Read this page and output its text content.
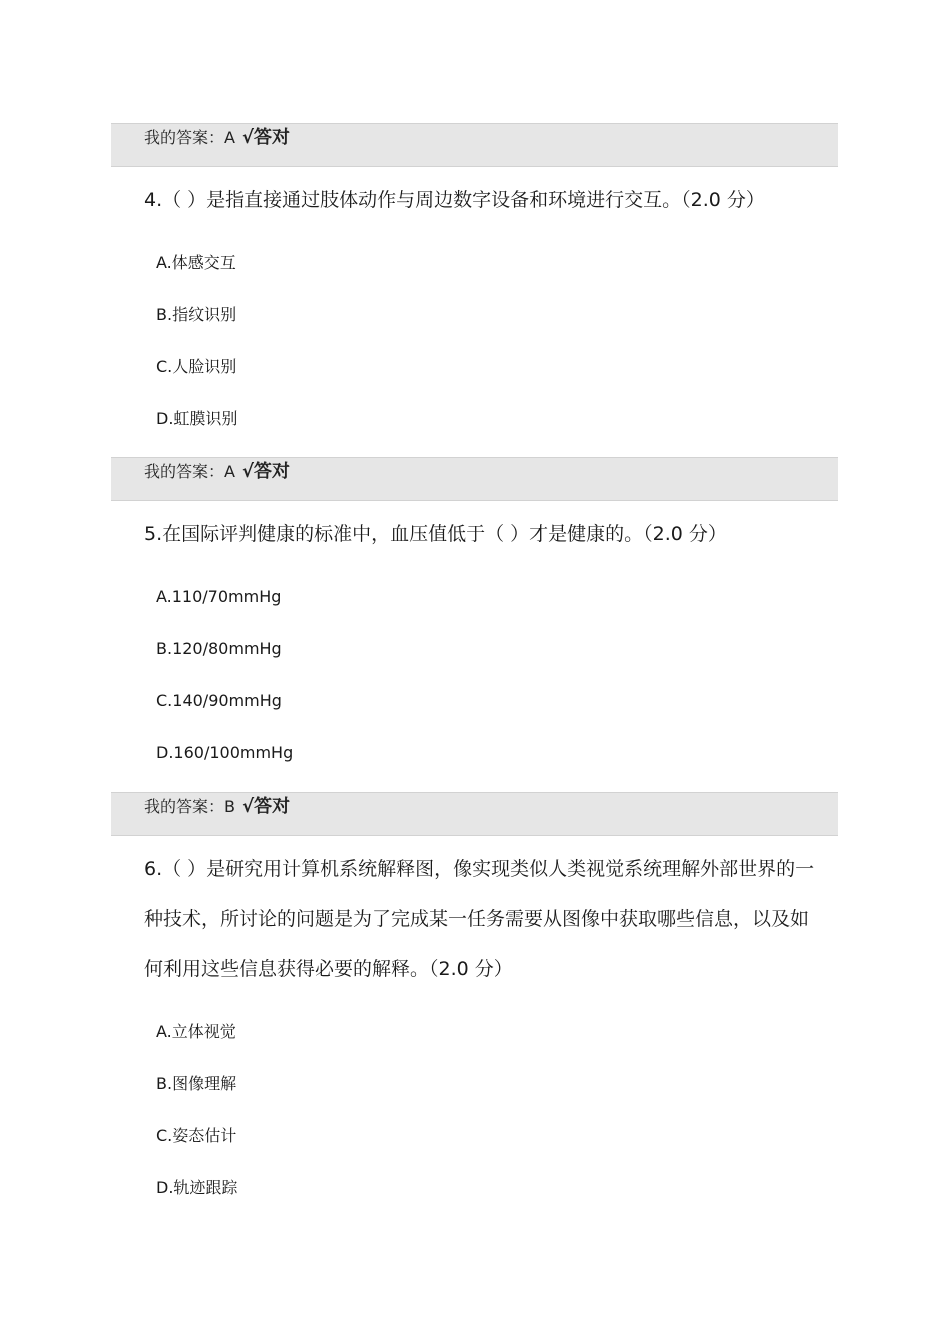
我的答案：A √答对
4.（ ）是指直接通过肢体动作与周边数字设备和环境进行交互。（2.0 分）
A.体感交互
B.指纹识别
C.人脸识别
D.虹膜识别
我的答案：A √答对
5.在国际评判健康的标准中，血压值低于（ ）才是健康的。（2.0 分）
A.110/70mmHg
B.120/80mmHg
C.140/90mmHg
D.160/100mmHg
我的答案：B √答对
6.（ ）是研究用计算机系统解释图，像实现类似人类视觉系统理解外部世界的一种技术，所讨论的问题是为了完成某一任务需要从图像中获取哪些信息，以及如何利用这些信息获得必要的解释。（2.0 分）
A.立体视觉
B.图像理解
C.姿态估计
D.轨迹跟踪
